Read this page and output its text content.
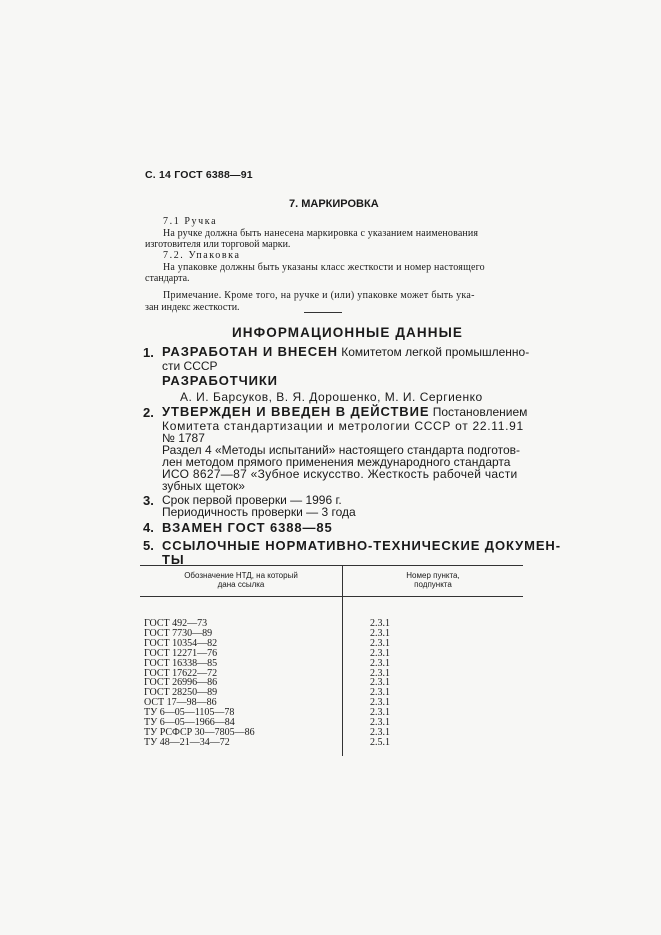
С. 14 ГОСТ 6388—91
7. МАРКИРОВКА
7.1 Ручка
На ручке должна быть нанесена маркировка с указанием наименования
изготовителя или торговой марки.
7.2. Упаковка
На упаковке должны быть указаны класс жесткости и номер настоящего
стандарта.
Примечание. Кроме того, на ручке и (или) упаковке может быть ука-
зан индекс жесткости.
ИНФОРМАЦИОННЫЕ ДАННЫЕ
1. РАЗРАБОТАН И ВНЕСЕН Комитетом легкой промышленно-
сти СССР
РАЗРАБОТЧИКИ
А. И. Барсуков, В. Я. Дорошенко, М. И. Сергиенко
2. УТВЕРЖДЕН И ВВЕДЕН В ДЕЙСТВИЕ Постановлением
Комитета стандартизации и метрологии СССР от 22.11.91
№ 1787
Раздел 4 «Методы испытаний» настоящего стандарта подготов-
лен методом прямого применения международного стандарта
ИСО 8627—87 «Зубное искусство. Жесткость рабочей части
зубных щеток»
3. Срок первой проверки — 1996 г.
Периодичность проверки — 3 года
4. ВЗАМЕН ГОСТ 6388—85
5. ССЫЛОЧНЫЕ НОРМАТИВНО-ТЕХНИЧЕСКИЕ ДОКУМЕН-
ТЫ
Обозначение НТД, на который
дана ссылка	Номер пункта,
подпункта

ГОСТ 492—73	2.3.1
ГОСТ 7730—89	2.3.1
ГОСТ 10354—82	2.3.1
ГОСТ 12271—76	2.3.1
ГОСТ 16338—85	2.3.1
ГОСТ 17622—72	2.3.1
ГОСТ 26996—86	2.3.1
ГОСТ 28250—89	2.3.1
ОСТ 17—98—86	2.3.1
ТУ 6—05—1105—78	2.3.1
ТУ 6—05—1966—84	2.3.1
ТУ РСФСР 30—7805—86	2.3.1
ТУ 48—21—34—72	2.5.1
